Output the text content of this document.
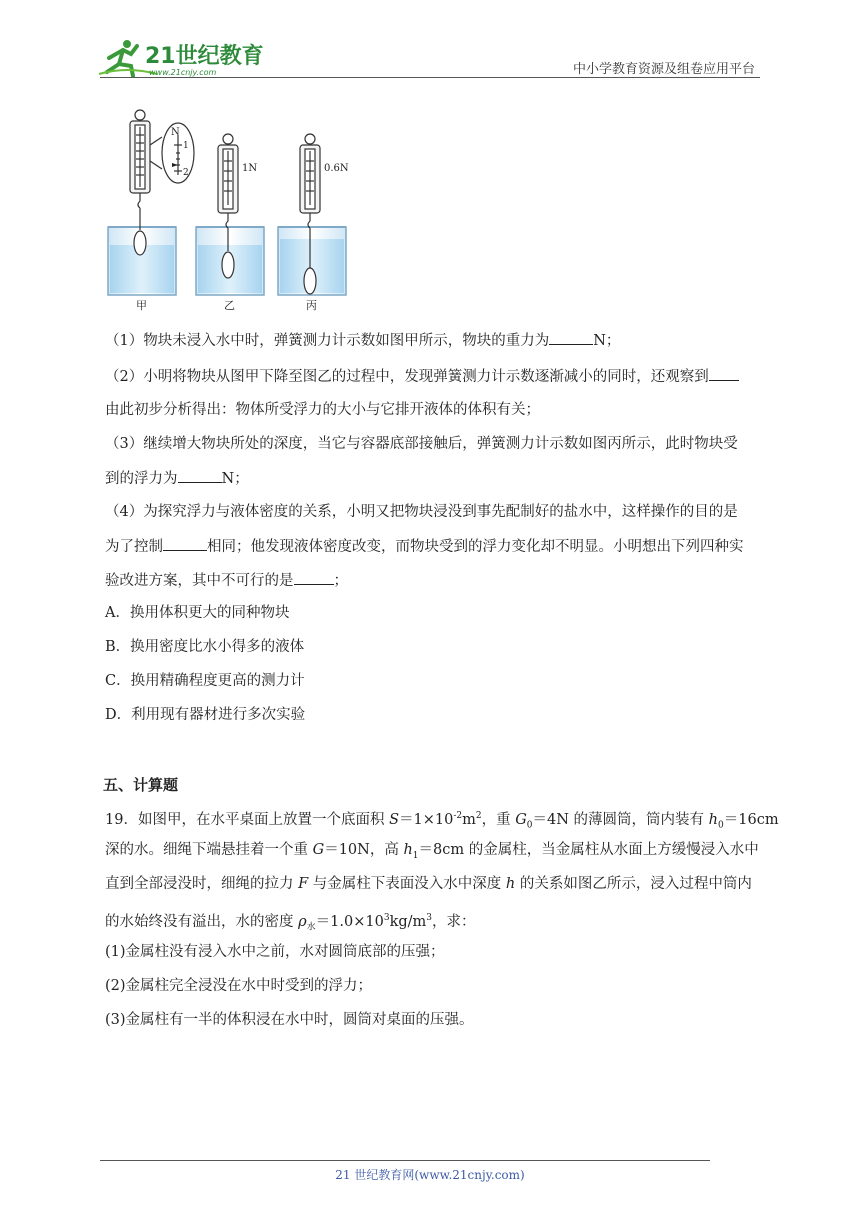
21世纪教育
www.21cnjy.com	中小学教育资源及组卷应用平台
N
1
2	1N	0.6N
甲	乙	丙
（1）物块未浸入水中时，弹簧测力计示数如图甲所示，物块的重力为	N；
（2）小明将物块从图甲下降至图乙的过程中，发现弹簧测力计示数逐渐减小的同时，还观察到
由此初步分析得出：物体所受浮力的大小与它排开液体的体积有关；
（3）继续增大物块所处的深度，当它与容器底部接触后，弹簧测力计示数如图丙所示，此时物块受
到的浮力为	N；
（4）为探究浮力与液体密度的关系，小明又把物块浸没到事先配制好的盐水中，这样操作的目的是
为了控制	相同；他发现液体密度改变，而物块受到的浮力变化却不明显。小明想出下列四种实
验改进方案，其中不可行的是	；
A．换用体积更大的同种物块
B．换用密度比水小得多的液体
C．换用精确程度更高的测力计
D．利用现有器材进行多次实验
五、计算题
19．如图甲，在水平桌面上放置一个底面积 $S=1\times 10^{-2}m^2$，重 $G_0=4N$ 的薄圆筒，筒内装有 $h_0=16cm$
深的水。细绳下端悬挂着一个重 G＝10N，高 $h_1=8cm$ 的金属柱，当金属柱从水面上方缓慢浸入水中
直到全部浸没时，细绳的拉力 F 与金属柱下表面没入水中深度 h 的关系如图乙所示，浸入过程中筒内
的水始终没有溢出，水的密度 $\rho_水=1.0\times 10^3kg/m^3$，求：
(1)金属柱没有浸入水中之前，水对圆筒底部的压强；
(2)金属柱完全浸没在水中时受到的浮力；
(3)金属柱有一半的体积浸在水中时，圆筒对桌面的压强。
21 世纪教育网(www.21cnjy.com)
